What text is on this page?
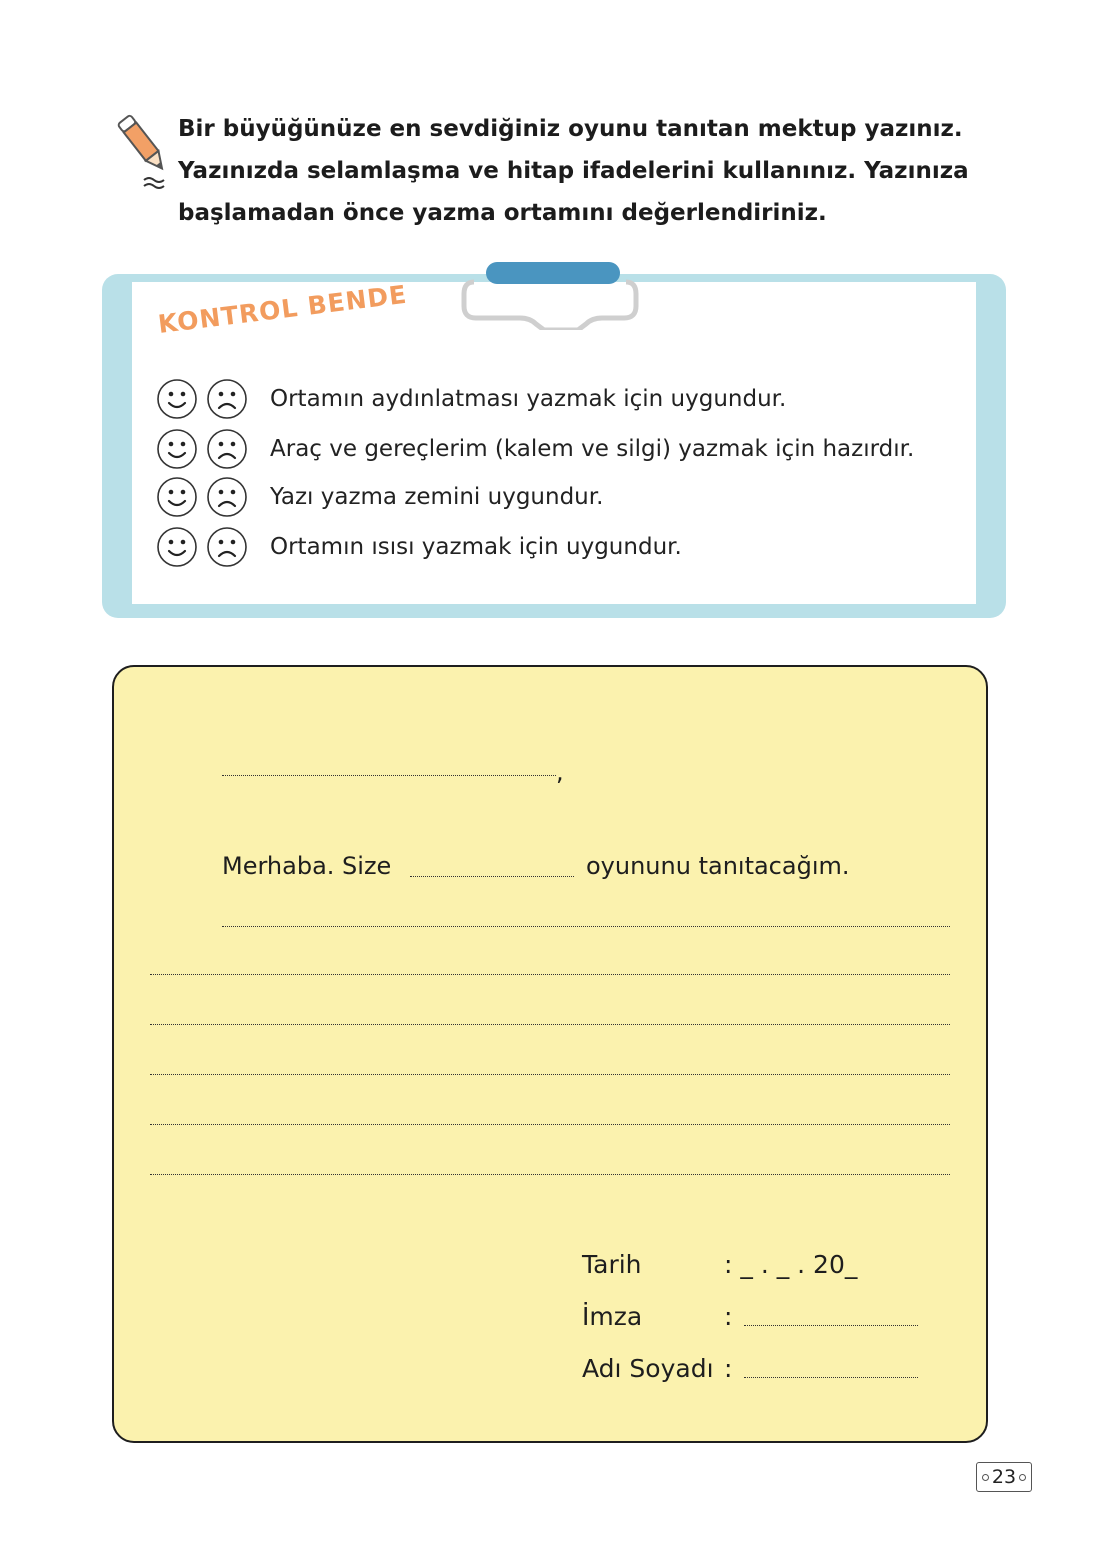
Bir büyüğünüze en sevdiğiniz oyunu tanıtan mektup yazınız.
Yazınızda selamlaşma ve hitap ifadelerini kullanınız. Yazınıza
başlamadan önce yazma ortamını değerlendiriniz.
KONTROL BENDE
Ortamın aydınlatması yazmak için uygundur.
Araç ve gereçlerim (kalem ve silgi) yazmak için hazırdır.
Yazı yazma zemini uygundur.
Ortamın ısısı yazmak için uygundur.
,
Merhaba. Size	oyununu tanıtacağım.
Tarih	: _ . _ . 20_
İmza	:
Adı Soyadı :
23
